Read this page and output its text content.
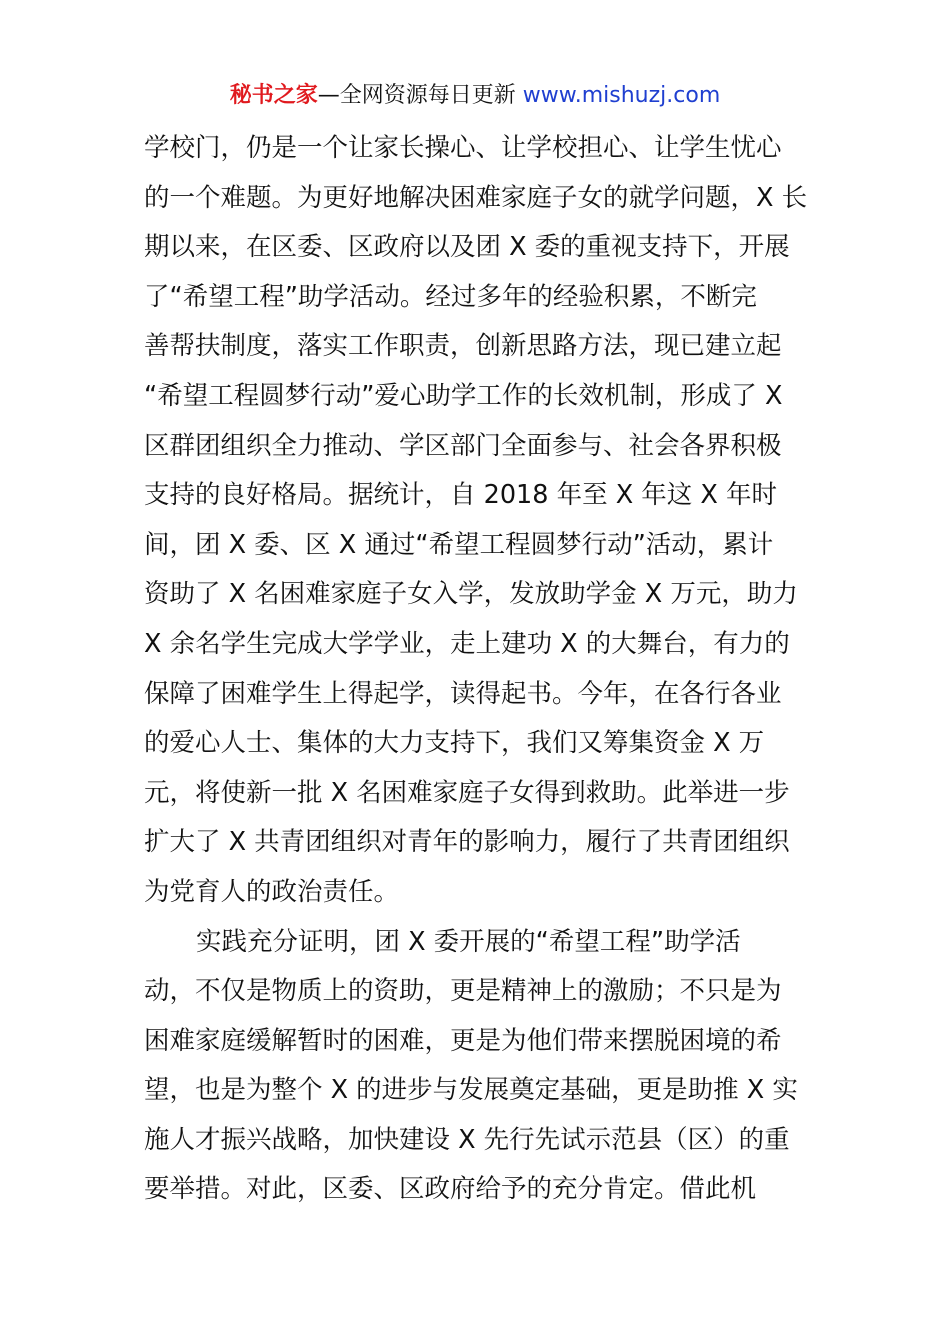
秘书之家—全网资源每日更新 www.mishuzj.com
学校门，仍是一个让家长操心、让学校担心、让学生忧心
的一个难题。为更好地解决困难家庭子女的就学问题，X 长
期以来，在区委、区政府以及团 X 委的重视支持下，开展
了“希望工程”助学活动。经过多年的经验积累，不断完
善帮扶制度，落实工作职责，创新思路方法，现已建立起
“希望工程圆梦行动”爱心助学工作的长效机制，形成了 X
区群团组织全力推动、学区部门全面参与、社会各界积极
支持的良好格局。据统计，自 2018 年至 X 年这 X 年时
间，团 X 委、区 X 通过“希望工程圆梦行动”活动，累计
资助了 X 名困难家庭子女入学，发放助学金 X 万元，助力
X 余名学生完成大学学业，走上建功 X 的大舞台，有力的
保障了困难学生上得起学，读得起书。今年，在各行各业
的爱心人士、集体的大力支持下，我们又筹集资金 X 万
元，将使新一批 X 名困难家庭子女得到救助。此举进一步
扩大了 X 共青团组织对青年的影响力，履行了共青团组织
为党育人的政治责任。
实践充分证明，团 X 委开展的“希望工程”助学活
动，不仅是物质上的资助，更是精神上的激励；不只是为
困难家庭缓解暂时的困难，更是为他们带来摆脱困境的希
望，也是为整个 X 的进步与发展奠定基础，更是助推 X 实
施人才振兴战略，加快建设 X 先行先试示范县（区）的重
要举措。对此，区委、区政府给予的充分肯定。借此机
